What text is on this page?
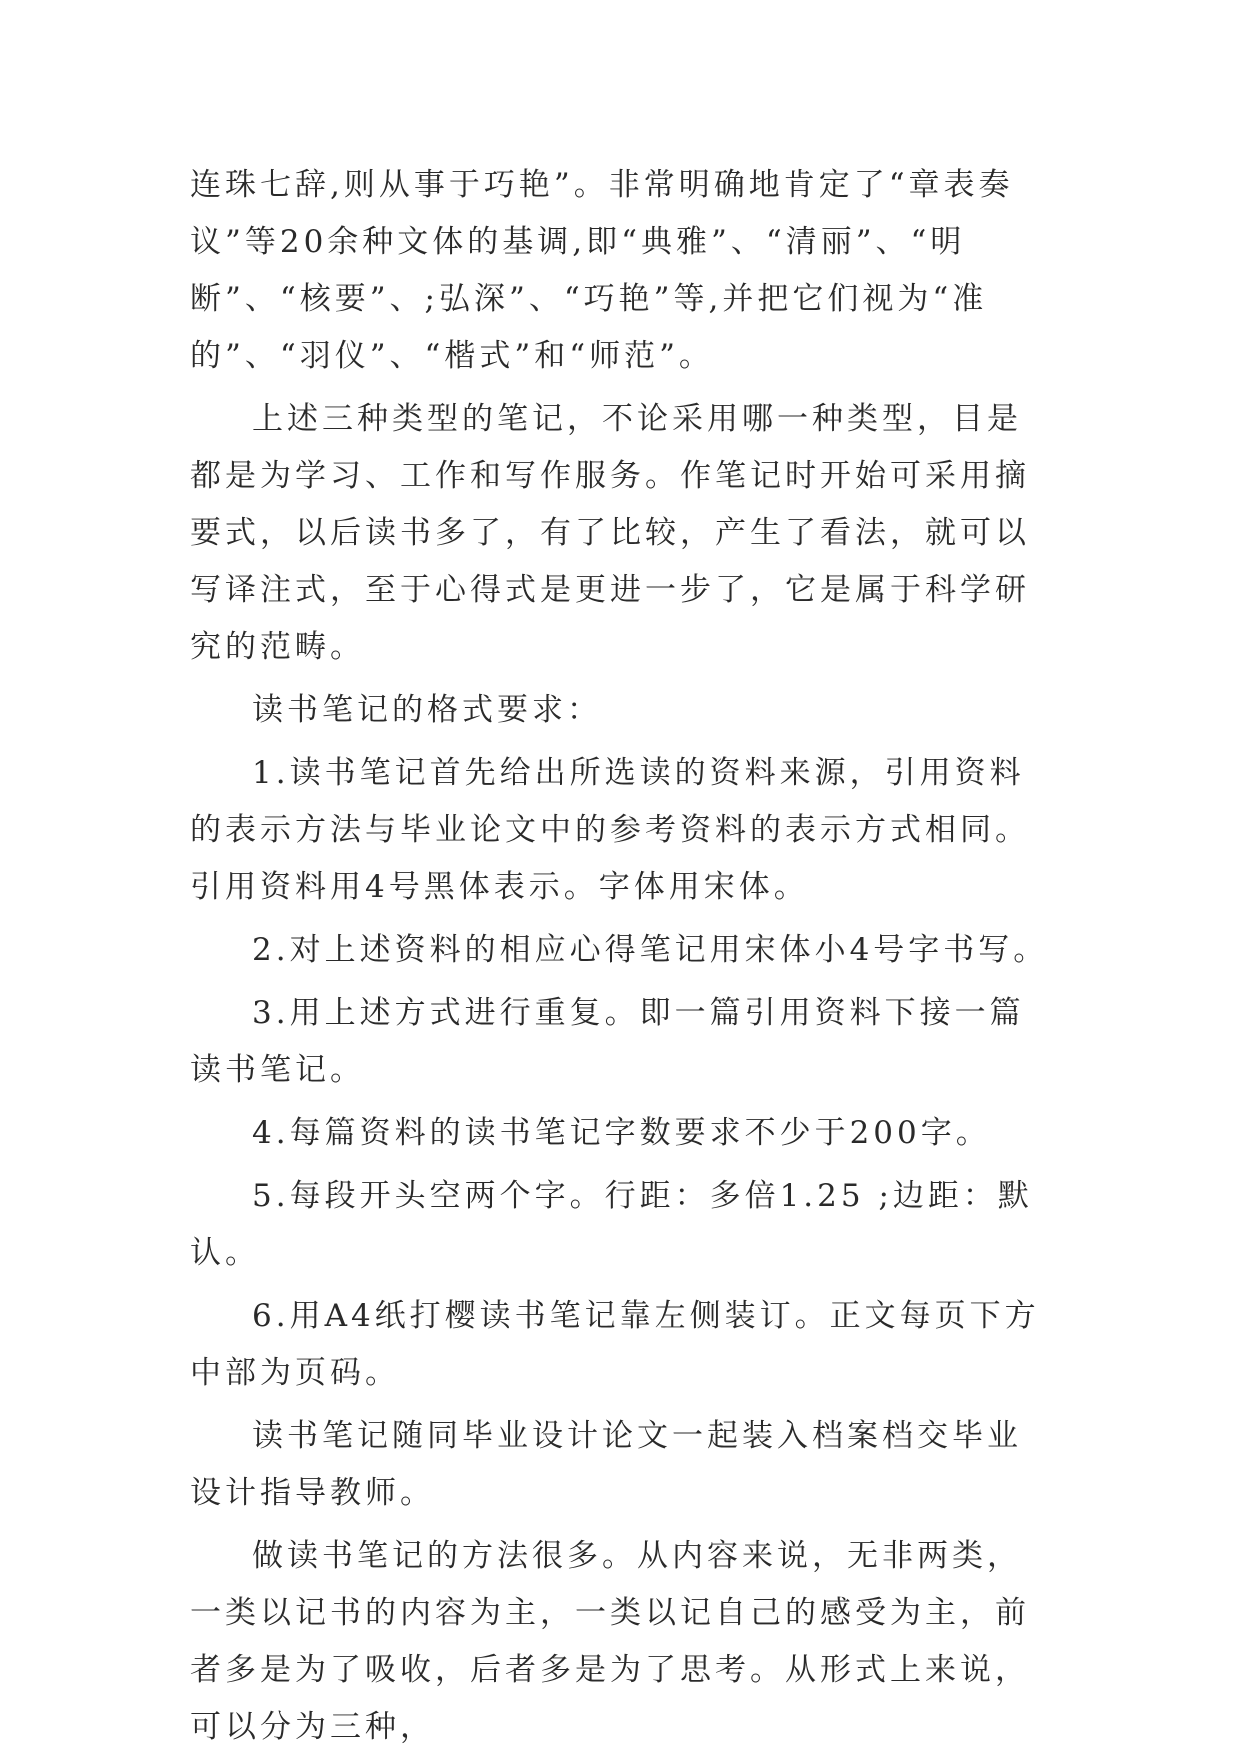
连珠七辞,则从事于巧艳”。非常明确地肯定了“章表奏议”等20余种文体的基调,即“典雅”、“清丽”、“明断”、“核要”、;弘深”、“巧艳”等,并把它们视为“准的”、“羽仪”、“楷式”和“师范”。

上述三种类型的笔记，不论采用哪一种类型，目是都是为学习、工作和写作服务。作笔记时开始可采用摘要式，以后读书多了，有了比较，产生了看法，就可以写译注式，至于心得式是更进一步了，它是属于科学研究的范畴。

读书笔记的格式要求：

1.读书笔记首先给出所选读的资料来源，引用资料的表示方法与毕业论文中的参考资料的表示方式相同。引用资料用4号黑体表示。字体用宋体。

2.对上述资料的相应心得笔记用宋体小4号字书写。

3.用上述方式进行重复。即一篇引用资料下接一篇读书笔记。

4.每篇资料的读书笔记字数要求不少于200字。

5.每段开头空两个字。行距：多倍1.25 ;边距：默认。

6.用A4纸打樱读书笔记靠左侧装订。正文每页下方中部为页码。

读书笔记随同毕业设计论文一起装入档案档交毕业设计指导教师。

做读书笔记的方法很多。从内容来说，无非两类，一类以记书的内容为主，一类以记自己的感受为主，前者多是为了吸收，后者多是为了思考。从形式上来说，可以分为三种，
